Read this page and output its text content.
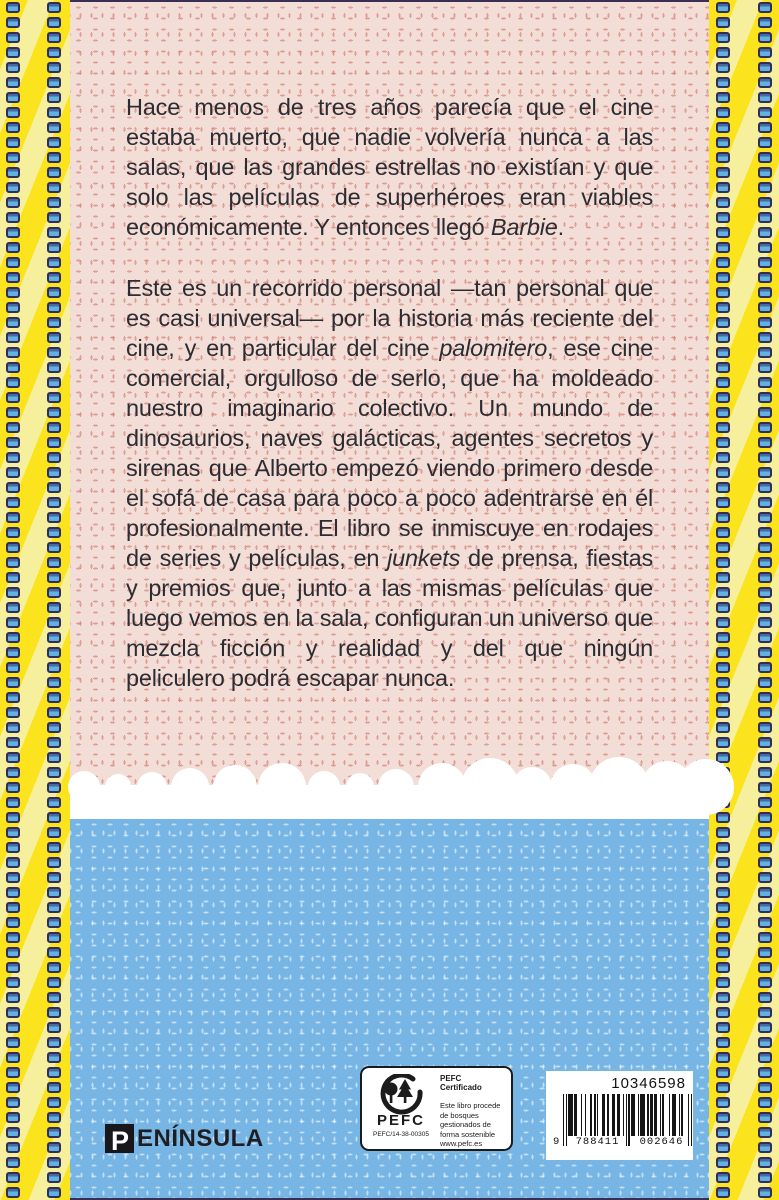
Hace menos de tres años parecía que el cine estaba muerto, que nadie volvería nunca a las salas, que las grandes estrellas no existían y que solo las películas de superhéroes eran viables económicamente. Y entonces llegó Barbie.

Este es un recorrido personal —tan personal que es casi universal— por la historia más reciente del cine, y en particular del cine palomitero, ese cine comercial, orgulloso de serlo, que ha moldeado nuestro imaginario colectivo. Un mundo de dinosaurios, naves galácticas, agentes secretos y sirenas que Alberto empezó viendo primero desde el sofá de casa para poco a poco adentrarse en él profesionalmente. El libro se inmiscuye en rodajes de series y películas, en junkets de prensa, fiestas y premios que, junto a las mismas películas que luego vemos en la sala, configuran un universo que mezcla ficción y realidad y del que ningún peliculero podrá escapar nunca.

P ENÍNSULA
PEFC
PEFC/14-38-00305
PEFC Certificado
Este libro procede de bosques gestionados de forma sostenible
www.pefc.es
10346598
9	788411	002646
